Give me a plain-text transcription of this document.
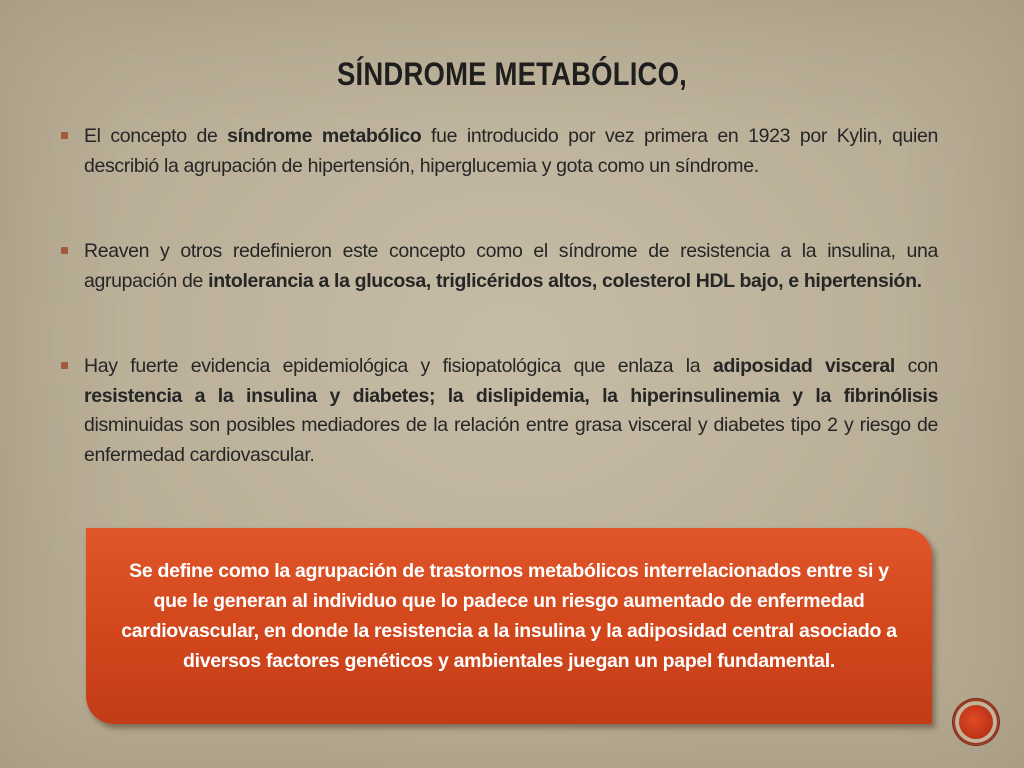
SÍNDROME METABÓLICO,
El concepto de síndrome metabólico fue introducido por vez primera en 1923 por Kylin, quien describió la agrupación de hipertensión, hiperglucemia y gota como un síndrome.
Reaven y otros redefinieron este concepto como el síndrome de resistencia a la insulina, una agrupación de intolerancia a la glucosa, triglicéridos altos, colesterol HDL bajo, e hipertensión.
Hay fuerte evidencia epidemiológica y fisiopatológica que enlaza la adiposidad visceral con resistencia a la insulina y diabetes; la dislipidemia, la hiperinsulinemia y la fibrinólisis disminuidas son posibles mediadores de la relación entre grasa visceral y diabetes tipo 2 y riesgo de enfermedad cardiovascular.
Se define como la agrupación de trastornos metabólicos interrelacionados entre si y que le generan al individuo que lo padece un riesgo aumentado de enfermedad cardiovascular, en donde la resistencia a la insulina y la adiposidad central asociado a diversos factores genéticos y ambientales juegan un papel fundamental.
